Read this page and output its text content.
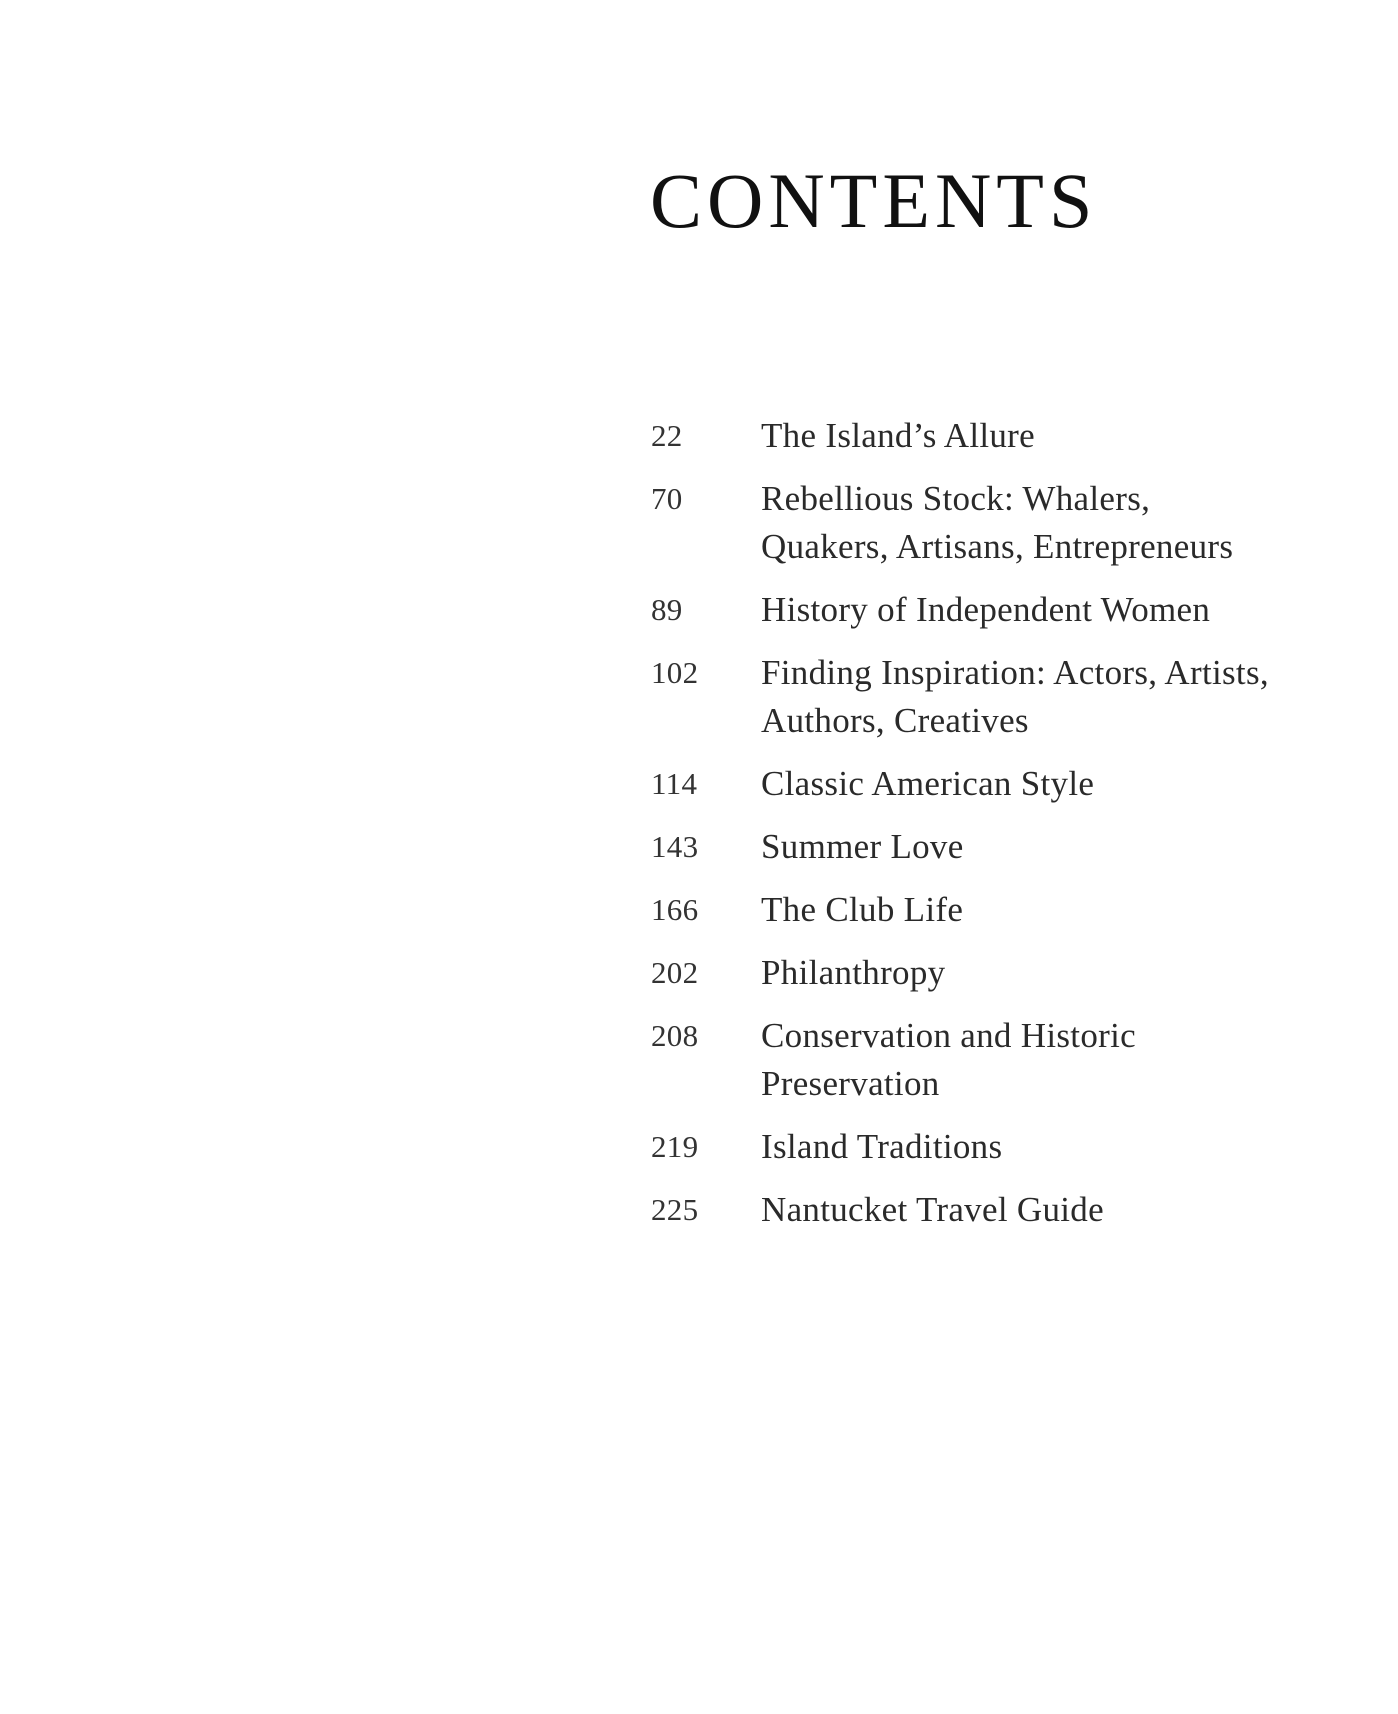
CONTENTS
22	The Island’s Allure
70	Rebellious Stock: Whalers,
Quakers, Artisans, Entrepreneurs
89	History of Independent Women
102	Finding Inspiration: Actors, Artists,
Authors, Creatives
114	Classic American Style
143	Summer Love
166	The Club Life
202	Philanthropy
208	Conservation and Historic
Preservation
219	Island Traditions
225	Nantucket Travel Guide
